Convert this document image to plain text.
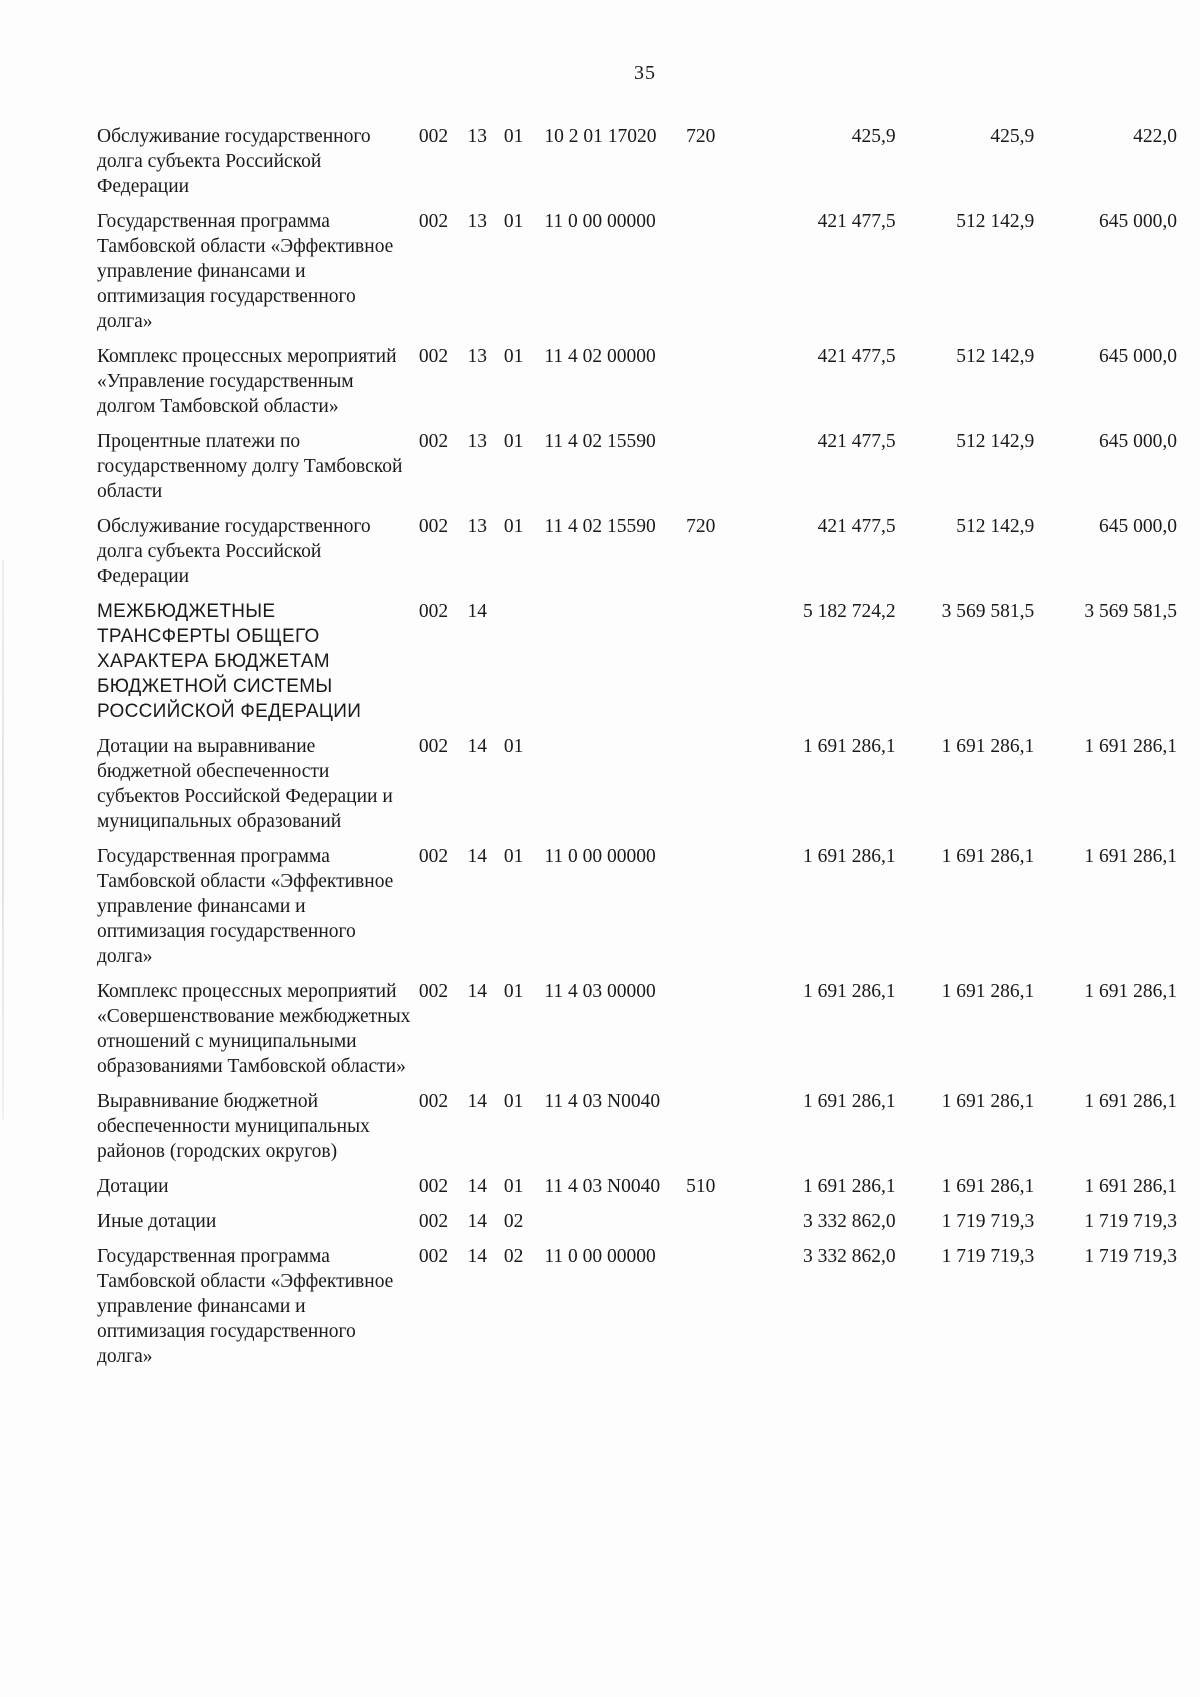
35
Обслуживание государственного долга субъекта Российской Федерации	002	13	01	10 2 01 17020	720	425,9	425,9	422,0
Государственная программа Тамбовской области «Эффективное управление финансами и оптимизация государственного долга»	002	13	01	11 0 00 00000		421 477,5	512 142,9	645 000,0
Комплекс процессных мероприятий «Управление государственным долгом Тамбовской области»	002	13	01	11 4 02 00000		421 477,5	512 142,9	645 000,0
Процентные платежи по государственному долгу Тамбовской области	002	13	01	11 4 02 15590		421 477,5	512 142,9	645 000,0
Обслуживание государственного долга субъекта Российской Федерации	002	13	01	11 4 02 15590	720	421 477,5	512 142,9	645 000,0
МЕЖБЮДЖЕТНЫЕ ТРАНСФЕРТЫ ОБЩЕГО ХАРАКТЕРА БЮДЖЕТАМ БЮДЖЕТНОЙ СИСТЕМЫ РОССИЙСКОЙ ФЕДЕРАЦИИ	002	14				5 182 724,2	3 569 581,5	3 569 581,5
Дотации на выравнивание бюджетной обеспеченности субъектов Российской Федерации и муниципальных образований	002	14	01			1 691 286,1	1 691 286,1	1 691 286,1
Государственная программа Тамбовской области «Эффективное управление финансами и оптимизация государственного долга»	002	14	01	11 0 00 00000		1 691 286,1	1 691 286,1	1 691 286,1
Комплекс процессных мероприятий «Совершенствование межбюджетных отношений с муниципальными образованиями Тамбовской области»	002	14	01	11 4 03 00000		1 691 286,1	1 691 286,1	1 691 286,1
Выравнивание бюджетной обеспеченности муниципальных районов (городских округов)	002	14	01	11 4 03 N0040		1 691 286,1	1 691 286,1	1 691 286,1
Дотации	002	14	01	11 4 03 N0040	510	1 691 286,1	1 691 286,1	1 691 286,1
Иные дотации	002	14	02			3 332 862,0	1 719 719,3	1 719 719,3
Государственная программа Тамбовской области «Эффективное управление финансами и оптимизация государственного долга»	002	14	02	11 0 00 00000		3 332 862,0	1 719 719,3	1 719 719,3
